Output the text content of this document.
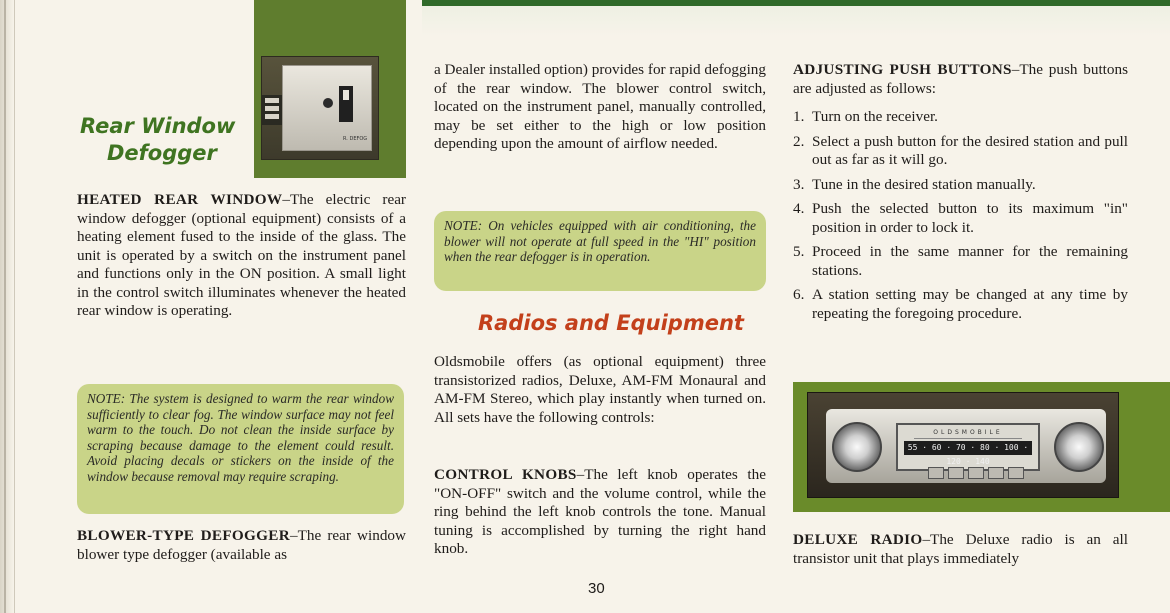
R. DEFOG
Rear Window
Defogger

HEATED REAR WINDOW–The electric rear window defogger (optional equipment) consists of a heating element fused to the inside of the glass. The unit is operated by a switch on the instrument panel and functions only in the ON position. A small light in the control switch illuminates whenever the heated rear window is operating.

NOTE: The system is designed to warm the rear window sufficiently to clear fog. The window surface may not feel warm to the touch. Do not clean the inside surface by scraping because damage to the element could result. Avoid placing decals or stickers on the inside of the window because removal may require scraping.

BLOWER-TYPE DEFOGGER–The rear window blower type defogger (available as

a Dealer installed option) provides for rapid defogging of the rear window. The blower control switch, located on the instrument panel, manually controlled, may be set either to the high or low position depending upon the amount of airflow needed.

NOTE: On vehicles equipped with air conditioning, the blower will not operate at full speed in the "HI" position when the rear defogger is in operation.
Radios and Equipment

Oldsmobile offers (as optional equipment) three transistorized radios, Deluxe, AM-FM Monaural and AM-FM Stereo, which play instantly when turned on. All sets have the following controls:

CONTROL KNOBS–The left knob operates the "ON-OFF" switch and the volume control, while the ring behind the left knob controls the tone. Manual tuning is accomplished by turning the right hand knob.

30

ADJUSTING PUSH BUTTONS–The push buttons are adjusted as follows:

1. Turn on the receiver.
2. Select a push button for the desired station and pull out as far as it will go.
3. Tune in the desired station manually.
4. Push the selected button to its maximum "in" position in order to lock it.
5. Proceed in the same manner for the remaining stations.
6. A station setting may be changed at any time by repeating the foregoing procedure.
OLDSMOBILE
55 · 60 · 70 · 80 · 100 · 120 · 140

DELUXE RADIO–The Deluxe radio is an all transistor unit that plays immediately
